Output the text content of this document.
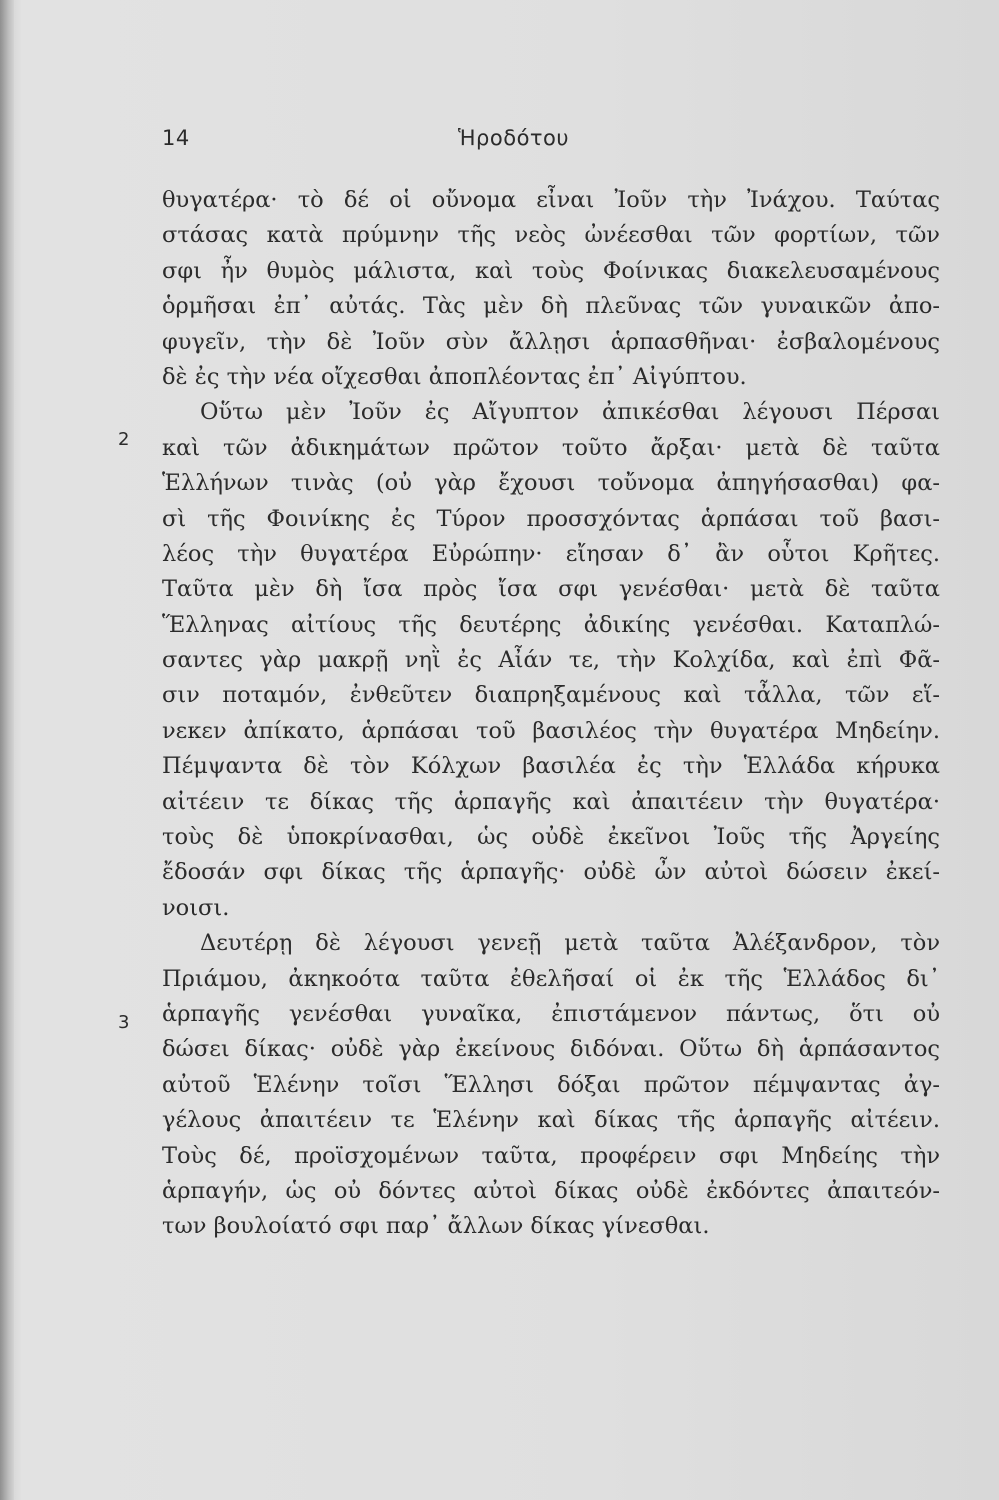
14	Ἡροδότου
2
3
θυγατέρα· τὸ δέ οἱ οὔνομα εἶναι Ἰοῦν τὴν Ἰνάχου. Ταύτας
στάσας κατὰ πρύμνην τῆς νεὸς ὠνέεσθαι τῶν φορτίων, τῶν
σφι ἦν θυμὸς μάλιστα, καὶ τοὺς Φοίνικας διακελευσαμένους
ὁρμῆσαι ἐπ᾽ αὐτάς. Τὰς μὲν δὴ πλεῦνας τῶν γυναικῶν ἀπο-
φυγεῖν, τὴν δὲ Ἰοῦν σὺν ἄλλῃσι ἁρπασθῆναι· ἐσβαλομένους
δὲ ἐς τὴν νέα οἴχεσθαι ἀποπλέοντας ἐπ᾽ Αἰγύπτου.
Οὕτω μὲν Ἰοῦν ἐς Αἴγυπτον ἀπικέσθαι λέγουσι Πέρσαι
καὶ τῶν ἀδικημάτων πρῶτον τοῦτο ἄρξαι· μετὰ δὲ ταῦτα
Ἑλλήνων τινὰς (οὐ γὰρ ἔχουσι τοὔνομα ἀπηγήσασθαι) φα-
σὶ τῆς Φοινίκης ἐς Τύρον προσσχόντας ἁρπάσαι τοῦ βασι-
λέος τὴν θυγατέρα Εὐρώπην· εἴησαν δ᾽ ἂν οὗτοι Κρῆτες.
Ταῦτα μὲν δὴ ἴσα πρὸς ἴσα σφι γενέσθαι· μετὰ δὲ ταῦτα
Ἕλληνας αἰτίους τῆς δευτέρης ἀδικίης γενέσθαι. Καταπλώ-
σαντες γὰρ μακρῇ νηῒ ἐς Αἶάν τε, τὴν Κολχίδα, καὶ ἐπὶ Φᾶ-
σιν ποταμόν, ἐνθεῦτεν διαπρηξαμένους καὶ τἆλλα, τῶν εἵ-
νεκεν ἀπίκατο, ἁρπάσαι τοῦ βασιλέος τὴν θυγατέρα Μηδείην.
Πέμψαντα δὲ τὸν Κόλχων βασιλέα ἐς τὴν Ἑλλάδα κήρυκα
αἰτέειν τε δίκας τῆς ἁρπαγῆς καὶ ἀπαιτέειν τὴν θυγατέρα·
τοὺς δὲ ὑποκρίνασθαι, ὡς οὐδὲ ἐκεῖνοι Ἰοῦς τῆς Ἀργείης
ἔδοσάν σφι δίκας τῆς ἁρπαγῆς· οὐδὲ ὦν αὐτοὶ δώσειν ἐκεί-
νοισι.
Δευτέρῃ δὲ λέγουσι γενεῇ μετὰ ταῦτα Ἀλέξανδρον, τὸν
Πριάμου, ἀκηκοότα ταῦτα ἐθελῆσαί οἱ ἐκ τῆς Ἑλλάδος δι᾽
ἁρπαγῆς γενέσθαι γυναῖκα, ἐπιστάμενον πάντως, ὅτι οὐ
δώσει δίκας· οὐδὲ γὰρ ἐκείνους διδόναι. Οὕτω δὴ ἁρπάσαντος
αὐτοῦ Ἑλένην τοῖσι Ἕλλησι δόξαι πρῶτον πέμψαντας ἀγ-
γέλους ἀπαιτέειν τε Ἑλένην καὶ δίκας τῆς ἁρπαγῆς αἰτέειν.
Τοὺς δέ, προϊσχομένων ταῦτα, προφέρειν σφι Μηδείης τὴν
ἁρπαγήν, ὡς οὐ δόντες αὐτοὶ δίκας οὐδὲ ἐκδόντες ἀπαιτεόν-
των βουλοίατό σφι παρ᾽ ἄλλων δίκας γίνεσθαι.
